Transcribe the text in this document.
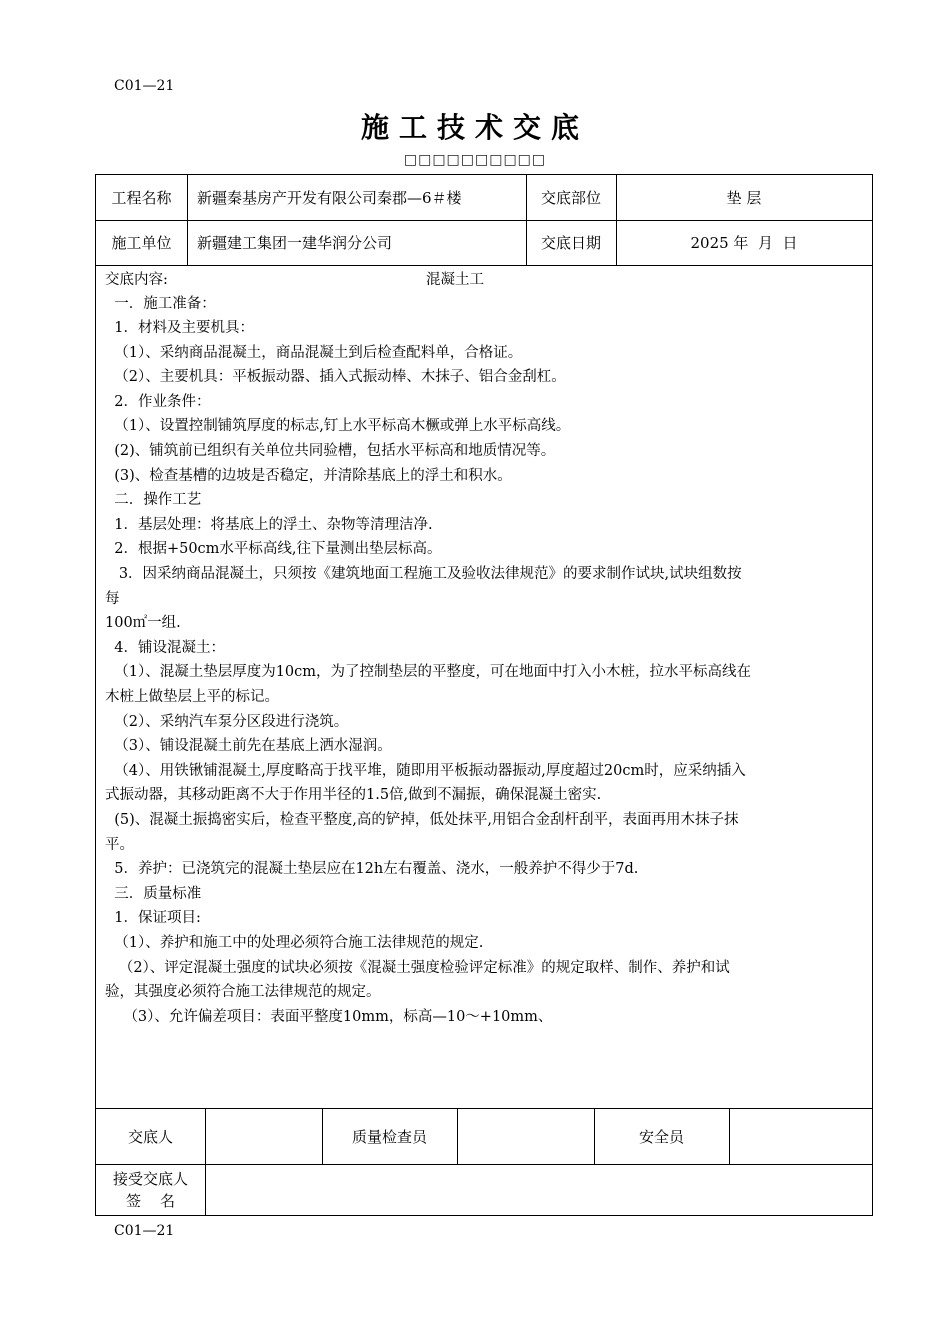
C01—21
施工技术交底
□□□□□□□□□□
工程名称	新疆秦基房产开发有限公司秦郡—6＃楼	交底部位	垫 层
施工单位	新疆建工集团一建华润分公司	交底日期	2025 年  月  日
交底内容:	混凝土工
一．施工准备：
1．材料及主要机具：
（1）、采纳商品混凝土，商品混凝土到后检查配料单，合格证。
（2）、主要机具：平板振动器、插入式振动棒、木抹子、铝合金刮杠。
2．作业条件：
（1）、设置控制铺筑厚度的标志,钉上水平标高木橛或弹上水平标高线。
(2)、铺筑前已组织有关单位共同验槽，包括水平标高和地质情况等。
(3)、检查基槽的边坡是否稳定，并清除基底上的浮土和积水。
二．操作工艺
1．基层处理：将基底上的浮土、杂物等清理洁净.
2．根据+50cm水平标高线,往下量测出垫层标高。
3．因采纳商品混凝土，只须按《建筑地面工程施工及验收法律规范》的要求制作试块,试块组数按
每
100㎡一组.
4．铺设混凝土：
（1）、混凝土垫层厚度为10cm，为了控制垫层的平整度，可在地面中打入小木桩，拉水平标高线在
木桩上做垫层上平的标记。
（2）、采纳汽车泵分区段进行浇筑。
（3）、铺设混凝土前先在基底上洒水湿润。
（4）、用铁锹铺混凝土,厚度略高于找平堆，随即用平板振动器振动,厚度超过20cm时，应采纳插入
式振动器，其移动距离不大于作用半径的1.5倍,做到不漏振，确保混凝土密实.
(5)、混凝土振捣密实后，检查平整度,高的铲掉，低处抹平,用铝合金刮杆刮平，表面再用木抹子抹
平。
5．养护：已浇筑完的混凝土垫层应在12h左右覆盖、浇水，一般养护不得少于7d.
三．质量标准
1．保证项目:
（1）、养护和施工中的处理必须符合施工法律规范的规定.
（2）、评定混凝土强度的试块必须按《混凝土强度检验评定标准》的规定取样、制作、养护和试
验，其强度必须符合施工法律规范的规定。
（3）、允许偏差项目：表面平整度10mm，标高—10～+10mm、
交底人	质量检查员	安全员
接受交底人
签    名
C01—21
